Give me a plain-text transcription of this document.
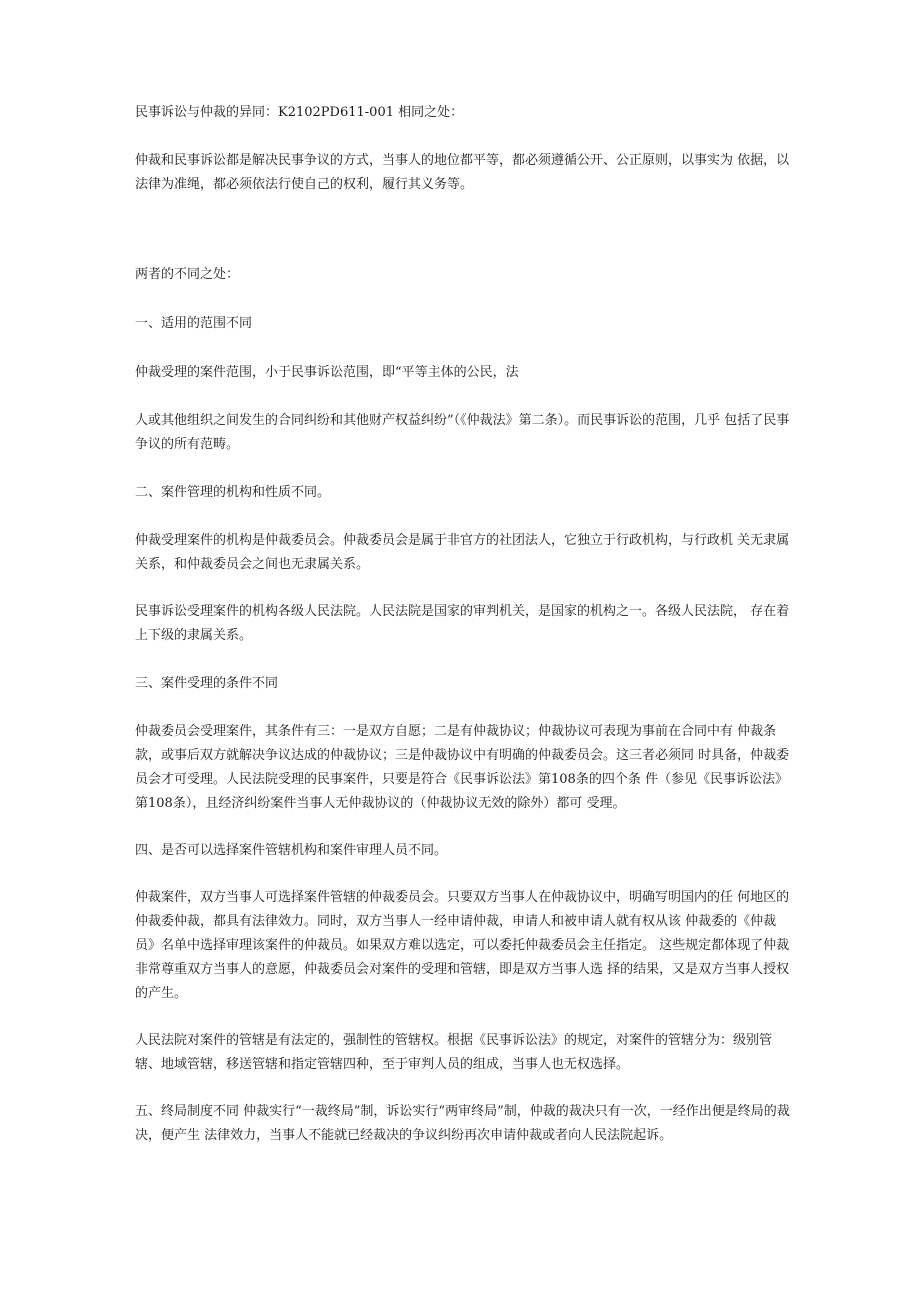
民事诉讼与仲裁的异同：K2102PD611-001 相同之处：

仲裁和民事诉讼都是解决民事争议的方式，当事人的地位都平等，都必须遵循公开、公正原则，以事实为 依据，以法律为准绳，都必须依法行使自己的权利，履行其义务等。

两者的不同之处：

一、适用的范围不同

仲裁受理的案件范围，小于民事诉讼范围，即“平等主体的公民，法

人或其他组织之间发生的合同纠纷和其他财产权益纠纷”（《仲裁法》第二条）。而民事诉讼的范围，几乎 包括了民事争议的所有范畴。

二、案件管理的机构和性质不同。

仲裁受理案件的机构是仲裁委员会。仲裁委员会是属于非官方的社团法人，它独立于行政机构，与行政机 关无隶属关系，和仲裁委员会之间也无隶属关系。

民事诉讼受理案件的机构各级人民法院。人民法院是国家的审判机关，是国家的机构之一。各级人民法院， 存在着上下级的隶属关系。

三、案件受理的条件不同

仲裁委员会受理案件，其条件有三：一是双方自愿；二是有仲裁协议；仲裁协议可表现为事前在合同中有 仲裁条款，或事后双方就解决争议达成的仲裁协议；三是仲裁协议中有明确的仲裁委员会。这三者必须同 时具备，仲裁委员会才可受理。人民法院受理的民事案件，只要是符合《民事诉讼法》第108条的四个条 件（参见《民事诉讼法》第108条），且经济纠纷案件当事人无仲裁协议的（仲裁协议无效的除外）都可 受理。

四、是否可以选择案件管辖机构和案件审理人员不同。

仲裁案件，双方当事人可选择案件管辖的仲裁委员会。只要双方当事人在仲裁协议中，明确写明国内的任 何地区的仲裁委仲裁，都具有法律效力。同时，双方当事人一经申请仲裁，申请人和被申请人就有权从该 仲裁委的《仲裁员》名单中选择审理该案件的仲裁员。如果双方难以选定，可以委托仲裁委员会主任指定。 这些规定都体现了仲裁非常尊重双方当事人的意愿，仲裁委员会对案件的受理和管辖，即是双方当事人选 择的结果，又是双方当事人授权的产生。

人民法院对案件的管辖是有法定的，强制性的管辖权。根据《民事诉讼法》的规定，对案件的管辖分为：级别管辖、地域管辖，移送管辖和指定管辖四种，至于审判人员的组成，当事人也无权选择。

五、终局制度不同 仲裁实行“一裁终局”制，诉讼实行“两审终局”制，仲裁的裁决只有一次，一经作出便是终局的裁决，便产生 法律效力，当事人不能就已经裁决的争议纠纷再次申请仲裁或者向人民法院起诉。
